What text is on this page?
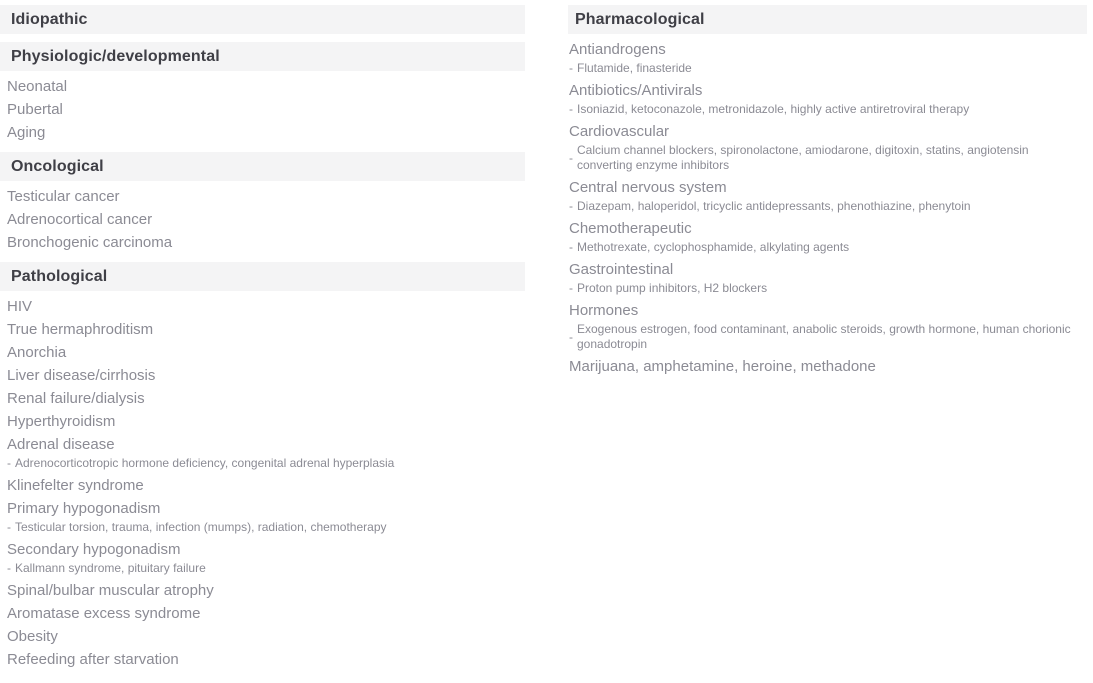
Idiopathic
Physiologic/developmental
Neonatal
Pubertal
Aging
Oncological
Testicular cancer
Adrenocortical cancer
Bronchogenic carcinoma
Pathological
HIV
True hermaphroditism
Anorchia
Liver disease/cirrhosis
Renal failure/dialysis
Hyperthyroidism
Adrenal disease
- Adrenocorticotropic hormone deficiency, congenital adrenal hyperplasia
Klinefelter syndrome
Primary hypogonadism
- Testicular torsion, trauma, infection (mumps), radiation, chemotherapy
Secondary hypogonadism
- Kallmann syndrome, pituitary failure
Spinal/bulbar muscular atrophy
Aromatase excess syndrome
Obesity
Refeeding after starvation
Pharmacological
Antiandrogens
- Flutamide, finasteride
Antibiotics/Antivirals
- Isoniazid, ketoconazole, metronidazole, highly active antiretroviral therapy
Cardiovascular
-
Calcium channel blockers, spironolactone, amiodarone, digitoxin, statins, angiotensin converting enzyme inhibitors
Central nervous system
- Diazepam, haloperidol, tricyclic antidepressants, phenothiazine, phenytoin
Chemotherapeutic
- Methotrexate, cyclophosphamide, alkylating agents
Gastrointestinal
- Proton pump inhibitors, H2 blockers
Hormones
-
Exogenous estrogen, food contaminant, anabolic steroids, growth hormone, human chorionic gonadotropin
Marijuana, amphetamine, heroine, methadone
